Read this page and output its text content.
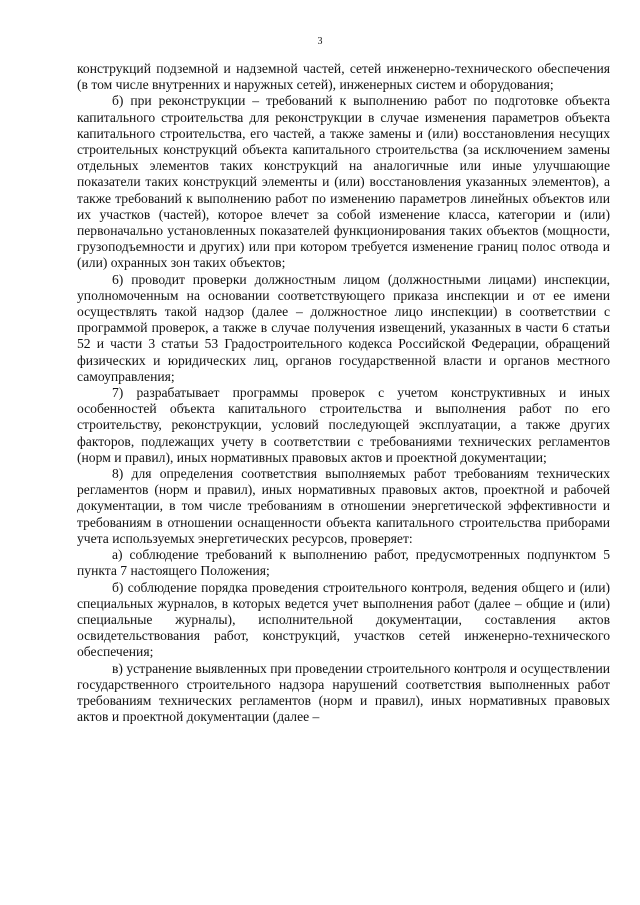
3

конструкций подземной и надземной частей, сетей инженерно-технического обеспечения (в том числе внутренних и наружных сетей), инженерных систем и оборудования;

б) при реконструкции – требований к выполнению работ по подготовке объекта капитального строительства для реконструкции в случае изменения параметров объекта капитального строительства, его частей, а также замены и (или) восстановления несущих строительных конструкций объекта капитального строительства (за исключением замены отдельных элементов таких конструкций на аналогичные или иные улучшающие показатели таких конструкций элементы и (или) восстановления указанных элементов), а также требований к выполнению работ по изменению параметров линейных объектов или их участков (частей), которое влечет за собой изменение класса, категории и (или) первоначально установленных показателей функционирования таких объектов (мощности, грузоподъемности и других) или при котором требуется изменение границ полос отвода и (или) охранных зон таких объектов;

6) проводит проверки должностным лицом (должностными лицами) инспекции, уполномоченным на основании соответствующего приказа инспекции и от ее имени осуществлять такой надзор (далее – должностное лицо инспекции) в соответствии с программой проверок, а также в случае получения извещений, указанных в части 6 статьи 52 и части 3 статьи 53 Градостроительного кодекса Российской Федерации, обращений физических и юридических лиц, органов государственной власти и органов местного самоуправления;

7) разрабатывает программы проверок с учетом конструктивных и иных особенностей объекта капитального строительства и выполнения работ по его строительству, реконструкции, условий последующей эксплуатации, а также других факторов, подлежащих учету в соответствии с требованиями технических регламентов (норм и правил), иных нормативных правовых актов и проектной документации;

8) для определения соответствия выполняемых работ требованиям технических регламентов (норм и правил), иных нормативных правовых актов, проектной и рабочей документации, в том числе требованиям в отношении энергетической эффективности и требованиям в отношении оснащенности объекта капитального строительства приборами учета используемых энергетических ресурсов, проверяет:

а) соблюдение требований к выполнению работ, предусмотренных подпунктом 5 пункта 7 настоящего Положения;

б) соблюдение порядка проведения строительного контроля, ведения общего и (или) специальных журналов, в которых ведется учет выполнения работ (далее – общие и (или) специальные журналы), исполнительной документации, составления актов освидетельствования работ, конструкций, участков сетей инженерно-технического обеспечения;

в) устранение выявленных при проведении строительного контроля и осуществлении государственного строительного надзора нарушений соответствия выполненных работ требованиям технических регламентов (норм и правил), иных нормативных правовых актов и проектной документации (далее –
